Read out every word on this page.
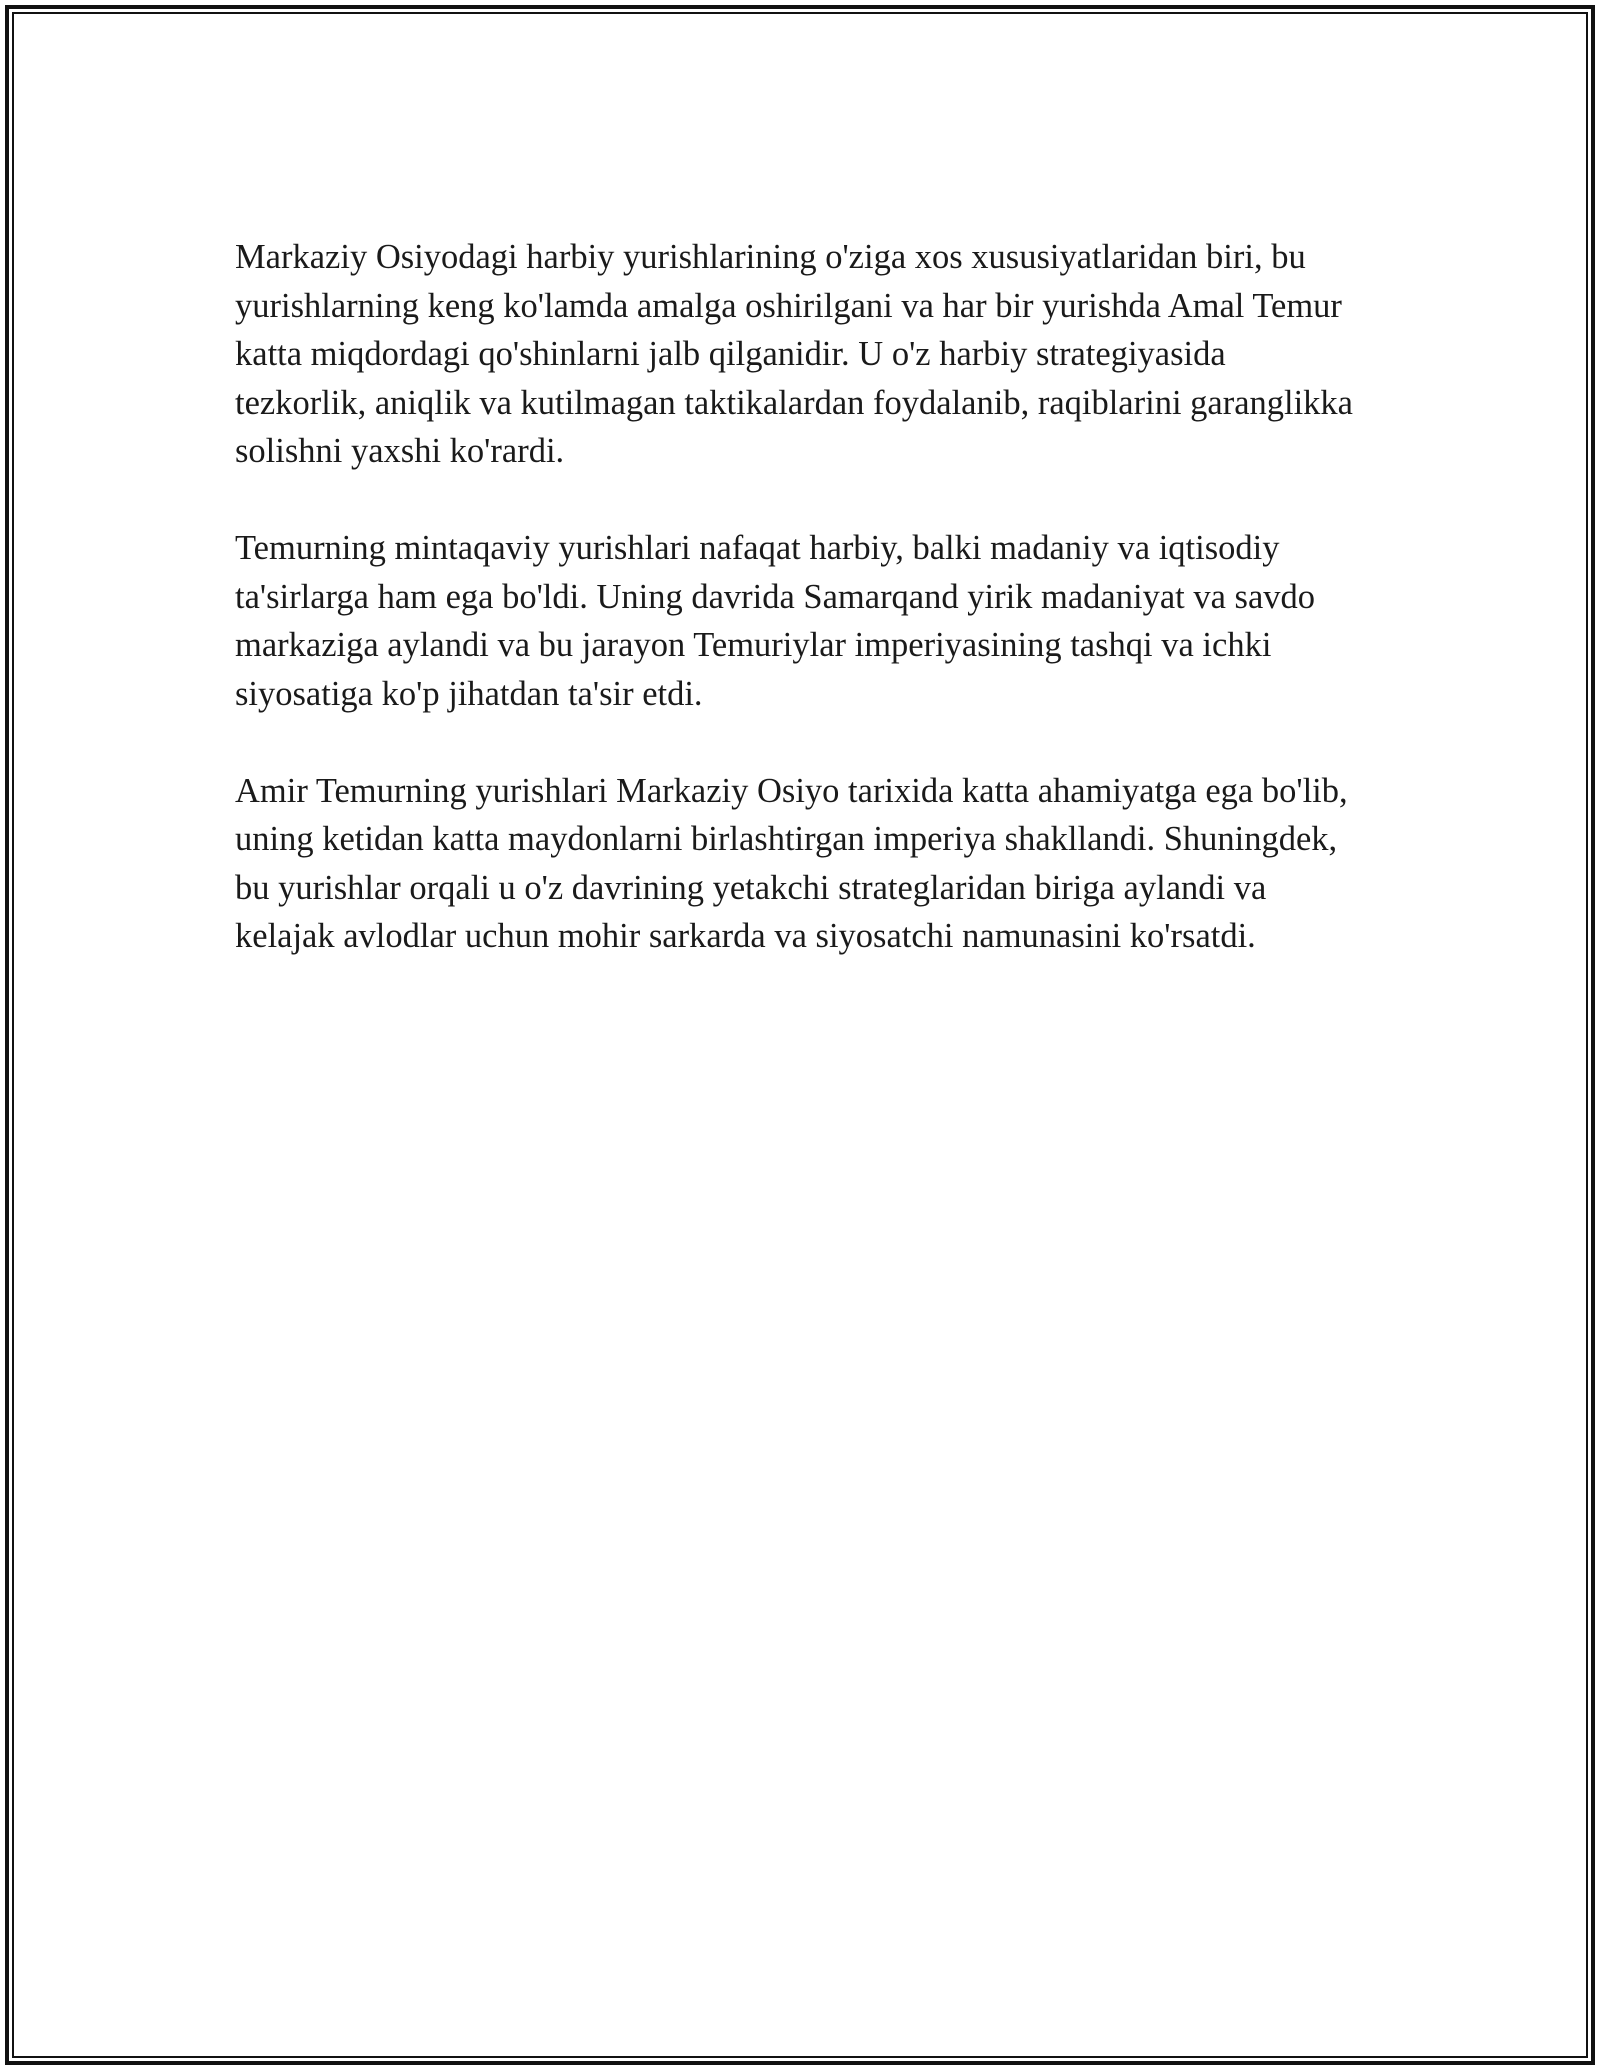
Markaziy Osiyodagi harbiy yurishlarining o'ziga xos xususiyatlaridan biri, bu yurishlarning keng ko'lamda amalga oshirilgani va har bir yurishda Amal Temur katta miqdordagi qo'shinlarni jalb qilganidir. U o'z harbiy strategiyasida tezkorlik, aniqlik va kutilmagan taktikalardan foydalanib, raqiblarini garanglikka solishni yaxshi ko'rardi.

Temurning mintaqaviy yurishlari nafaqat harbiy, balki madaniy va iqtisodiy ta'sirlarga ham ega bo'ldi. Uning davrida Samarqand yirik madaniyat va savdo markaziga aylandi va bu jarayon Temuriylar imperiyasining tashqi va ichki siyosatiga ko'p jihatdan ta'sir etdi.

Amir Temurning yurishlari Markaziy Osiyo tarixida katta ahamiyatga ega bo'lib, uning ketidan katta maydonlarni birlashtirgan imperiya shakllandi. Shuningdek, bu yurishlar orqali u o'z davrining yetakchi strateglaridan biriga aylandi va kelajak avlodlar uchun mohir sarkarda va siyosatchi namunasini ko'rsatdi.
